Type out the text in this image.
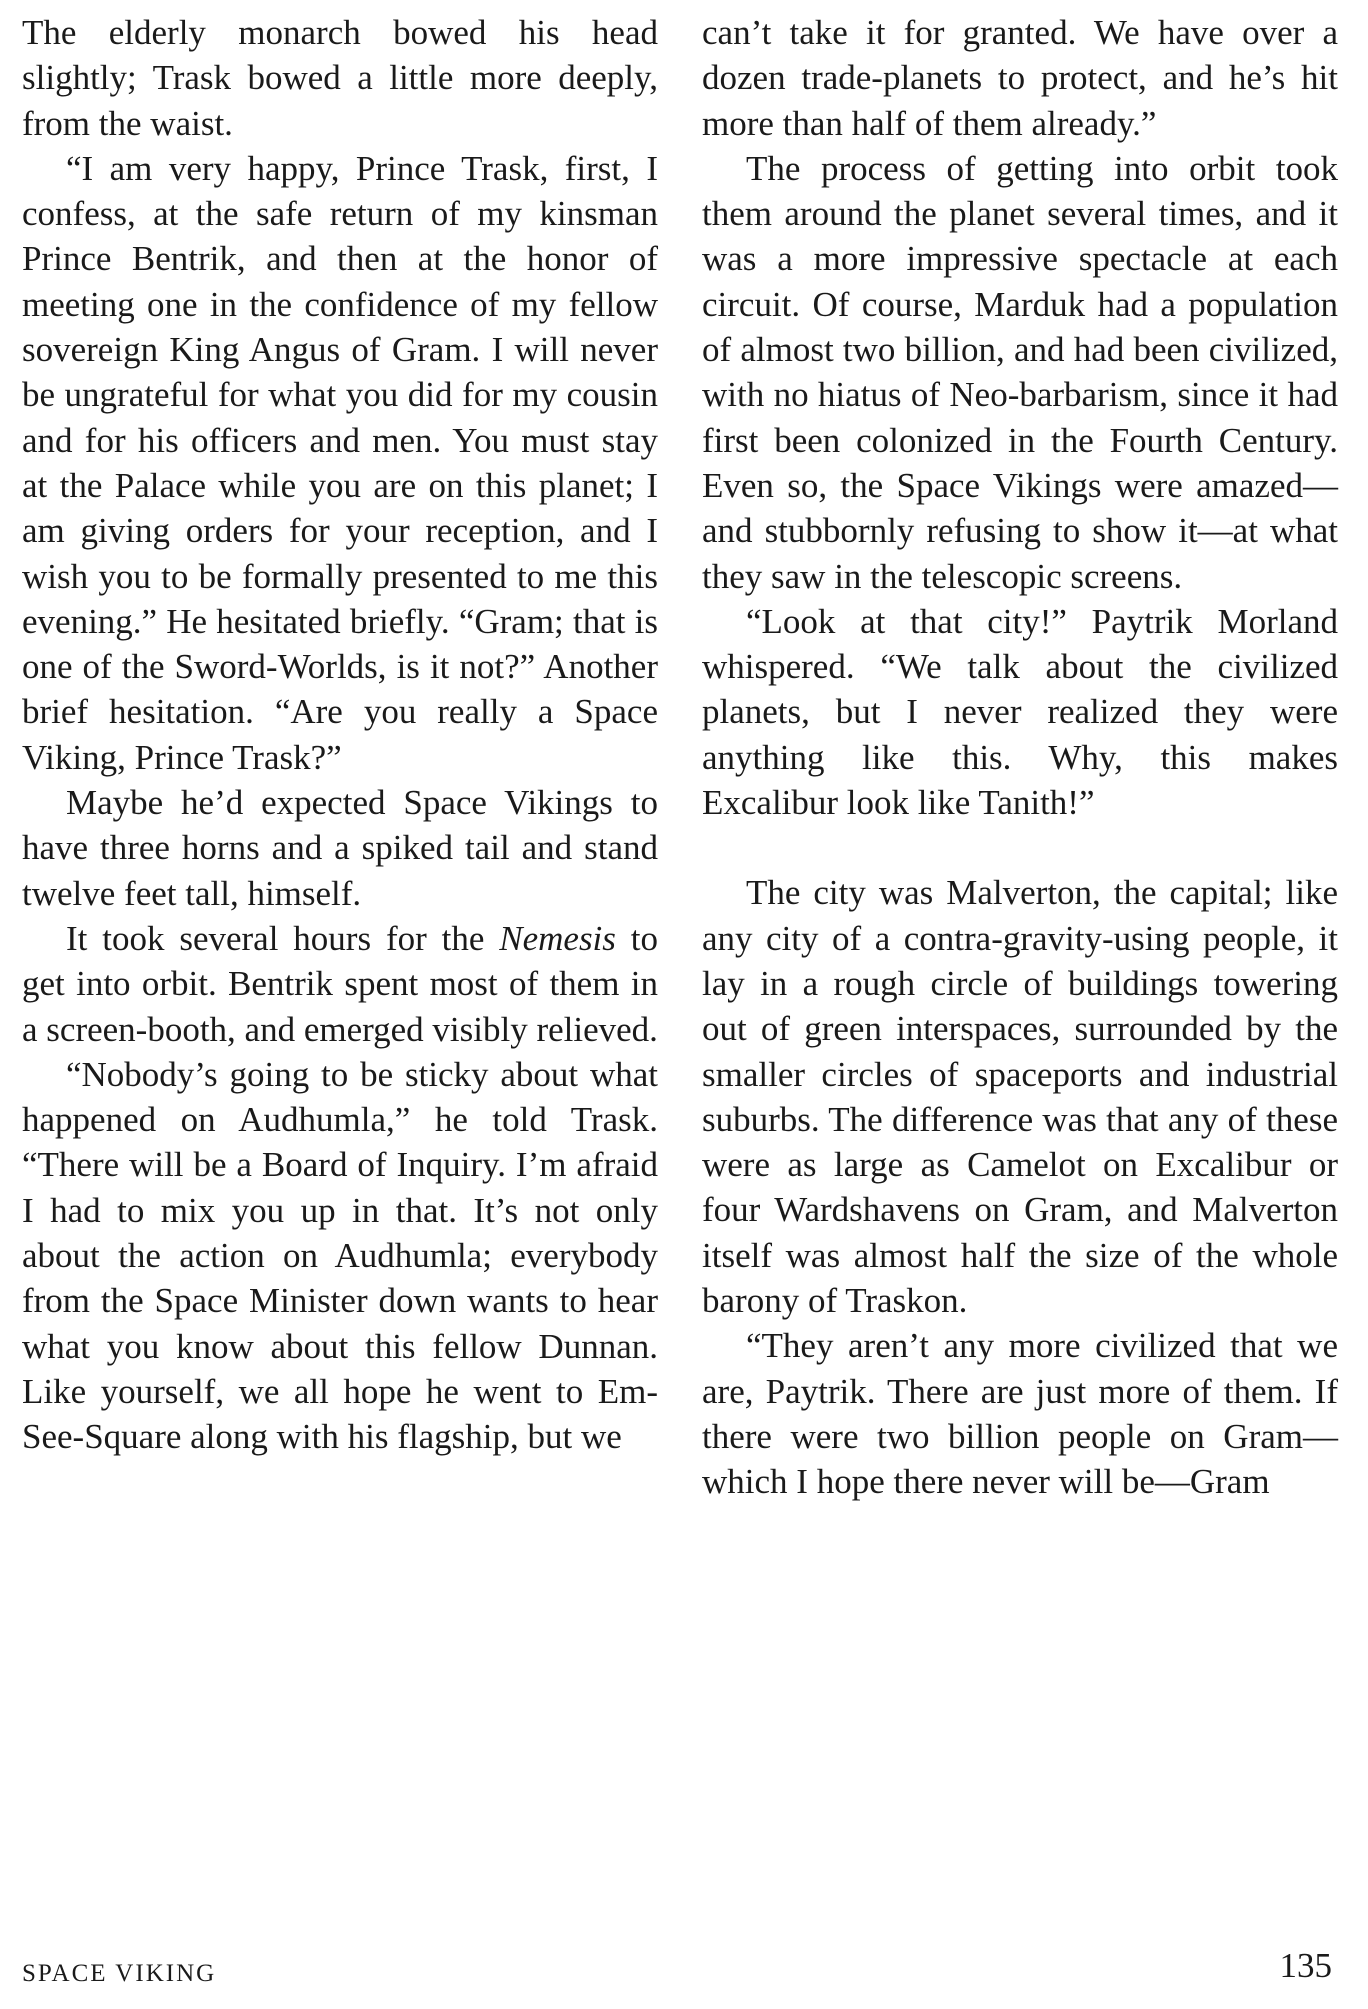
The elderly monarch bowed his head slightly; Trask bowed a little more deeply, from the waist.

“I am very happy, Prince Trask, first, I confess, at the safe return of my kinsman Prince Bentrik, and then at the honor of meeting one in the confidence of my fellow sovereign King Angus of Gram. I will never be ungrateful for what you did for my cousin and for his officers and men. You must stay at the Palace while you are on this planet; I am giving orders for your reception, and I wish you to be formally presented to me this evening.” He hesitated briefly. “Gram; that is one of the Sword-Worlds, is it not?” Another brief hesitation. “Are you really a Space Viking, Prince Trask?”

Maybe he’d expected Space Vikings to have three horns and a spiked tail and stand twelve feet tall, himself.

It took several hours for the Nemesis to get into orbit. Bentrik spent most of them in a screen-booth, and emerged visibly relieved.

“Nobody’s going to be sticky about what happened on Audhumla,” he told Trask. “There will be a Board of Inquiry. I’m afraid I had to mix you up in that. It’s not only about the action on Audhumla; everybody from the Space Minister down wants to hear what you know about this fellow Dunnan. Like yourself, we all hope he went to Em-See-Square along with his flagship, but we

can’t take it for granted. We have over a dozen trade-planets to protect, and he’s hit more than half of them already.”

The process of getting into orbit took them around the planet several times, and it was a more impressive spectacle at each circuit. Of course, Marduk had a population of almost two billion, and had been civilized, with no hiatus of Neo-barbarism, since it had first been colonized in the Fourth Century. Even so, the Space Vikings were amazed—and stubbornly refusing to show it—at what they saw in the telescopic screens.

“Look at that city!” Paytrik Morland whispered. “We talk about the civilized planets, but I never realized they were anything like this. Why, this makes Excalibur look like Tanith!”

The city was Malverton, the capital; like any city of a contra-gravity-using people, it lay in a rough circle of buildings towering out of green interspaces, surrounded by the smaller circles of spaceports and industrial suburbs. The difference was that any of these were as large as Camelot on Excalibur or four Wardshavens on Gram, and Malverton itself was almost half the size of the whole barony of Traskon.

“They aren’t any more civilized that we are, Paytrik. There are just more of them. If there were two billion people on Gram—which I hope there never will be—Gram

SPACE VIKING	135
